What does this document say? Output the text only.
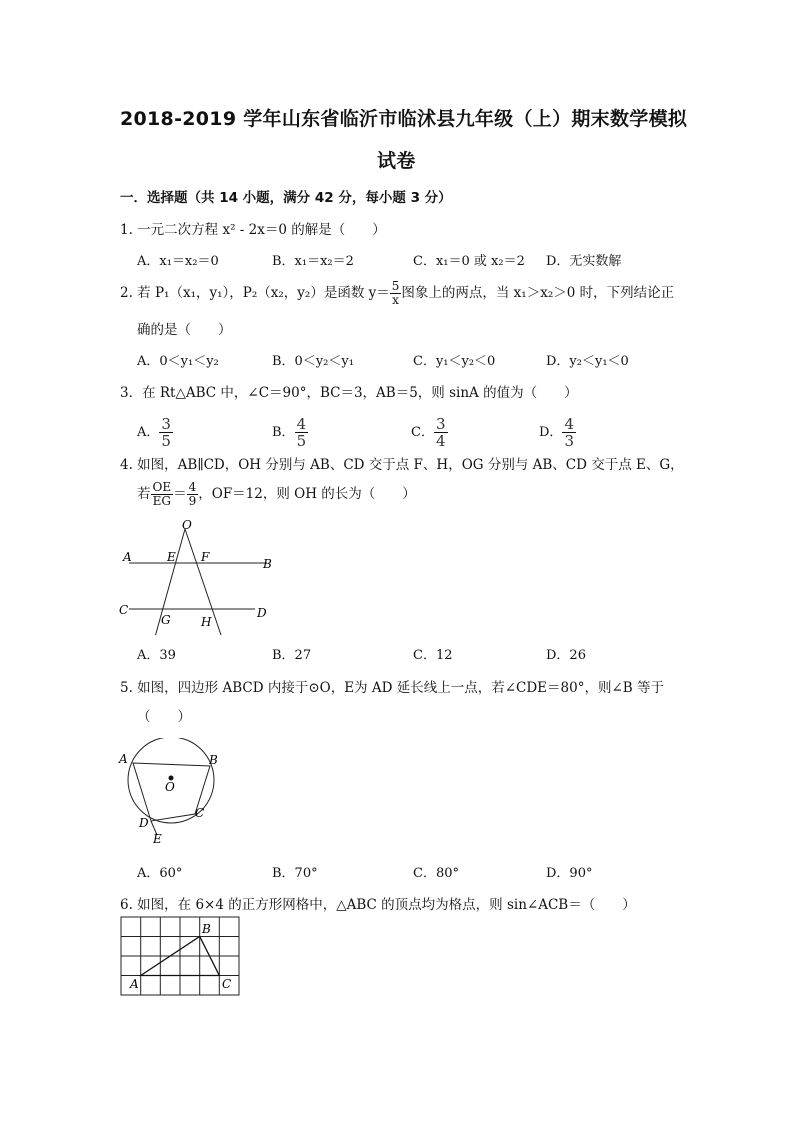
2018-2019 学年山东省临沂市临沭县九年级（上）期末数学模拟
试卷
一．选择题（共 14 小题，满分 42 分，每小题 3 分）
1. 一元二次方程 x² - 2x＝0 的解是（　　）
A．x₁＝x₂＝0	B．x₁＝x₂＝2	C．x₁＝0 或 x₂＝2 D．无实数解
2. 若 P₁（x₁，y₁），P₂（x₂，y₂）是函数 $y= \frac{5}{x}$ 图象上的两点，当 x₁＞x₂＞0 时，下列结论正
确的是（　　）
A．0＜y₁＜y₂	B．0＜y₂＜y₁	C．y₁＜y₂＜0	D．y₂＜y₁＜0
3．在 Rt△ABC 中，∠C＝90°，BC＝3，AB＝5，则 sinA 的值为（　　）
A． $\frac{3}{5}$	B． $\frac{4}{5}$	C． $\frac{3}{4}$	D． $\frac{4}{3}$
4. 如图，AB∥CD，OH 分别与 AB、CD 交于点 F、H，OG 分别与 AB、CD 交于点 E、G，
若 $\frac{OE}{EG} = \frac{4}{9}$ ，OF＝12，则 OH 的长为（　　）
O
A	B
E F
C	D
G	H
A．39	B．27	C．12	D．26
5. 如图，四边形 ABCD 内接于⊙O，E为 AD 延长线上一点，若∠CDE＝80°，则∠B 等于
（　　）
A	B
C
D
E
O
A．60°	B．70°	C．80°	D．90°
6. 如图，在 6×4 的正方形网格中，△ABC 的顶点均为格点，则 sin∠ACB＝（　　）
A
B
C
